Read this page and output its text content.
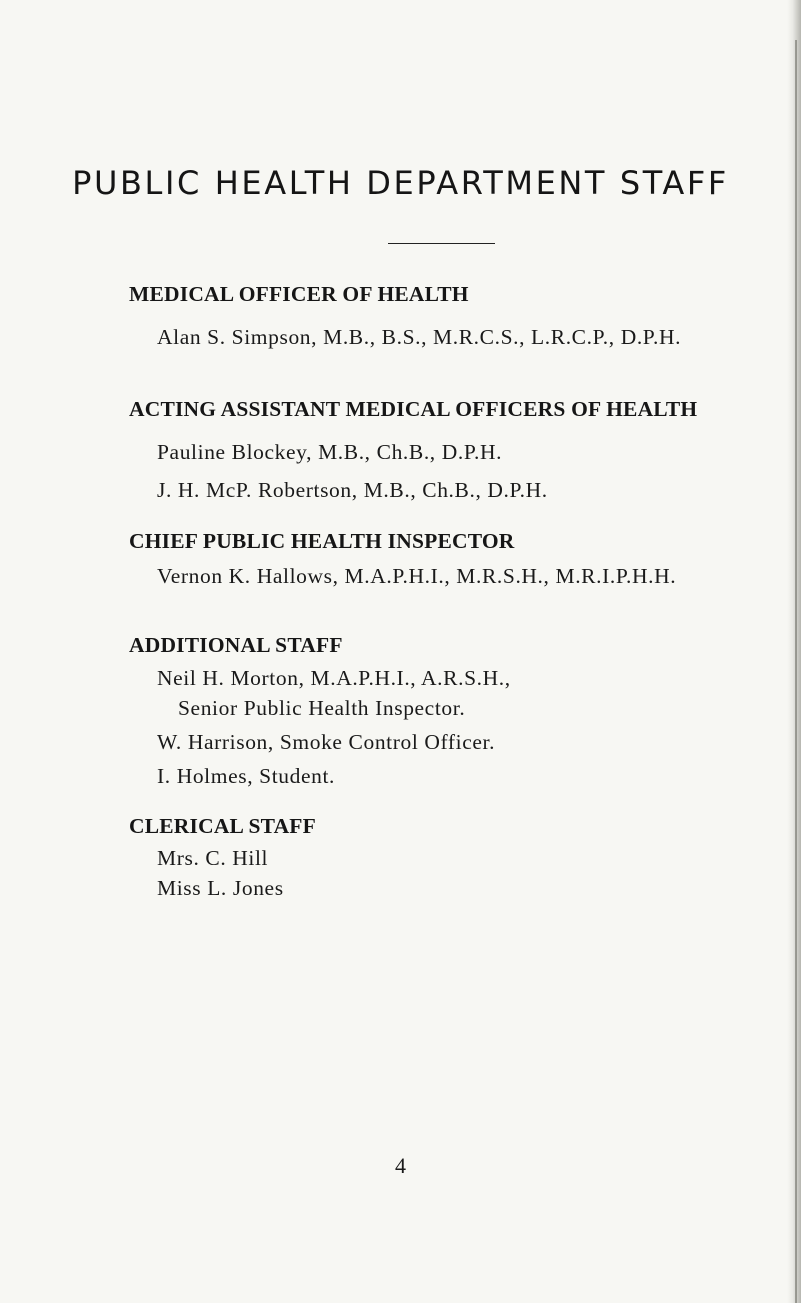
PUBLIC HEALTH DEPARTMENT STAFF
MEDICAL OFFICER OF HEALTH

Alan S. Simpson, M.B., B.S., M.R.C.S., L.R.C.P., D.P.H.

ACTING ASSISTANT MEDICAL OFFICERS OF HEALTH

Pauline Blockey, M.B., Ch.B., D.P.H.

J. H. McP. Robertson, M.B., Ch.B., D.P.H.

CHIEF PUBLIC HEALTH INSPECTOR

Vernon K. Hallows, M.A.P.H.I., M.R.S.H., M.R.I.P.H.H.

ADDITIONAL STAFF

Neil H. Morton, M.A.P.H.I., A.R.S.H.,

Senior Public Health Inspector.

W. Harrison, Smoke Control Officer.

I. Holmes, Student.

CLERICAL STAFF

Mrs. C. Hill

Miss L. Jones

4
